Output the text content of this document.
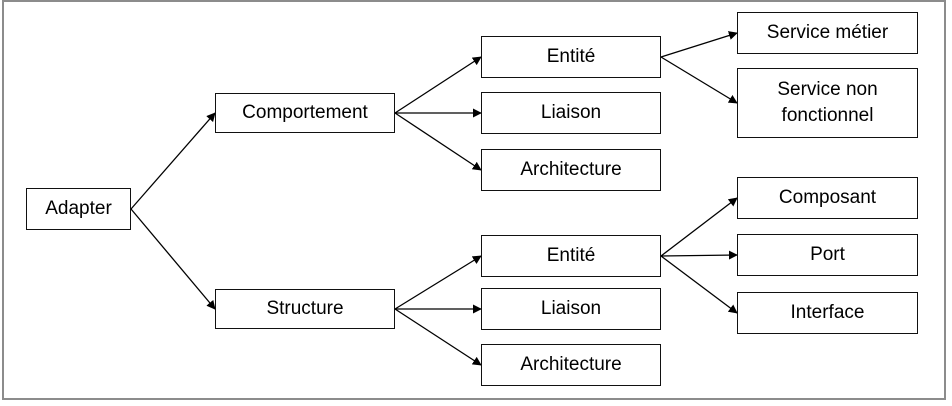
Adapter
Comportement
Structure
Entité
Liaison
Architecture
Entité
Liaison
Architecture
Service métier
Service non
fonctionnel
Composant
Port
Interface
